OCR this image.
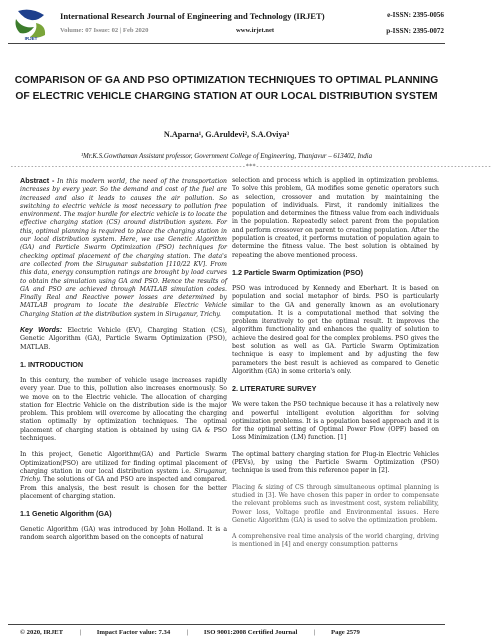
IRJET
International Research Journal of Engineering and Technology (IRJET)	e-ISSN: 2395-0056
Volume: 07 Issue: 02 | Feb 2020	www.irjet.net	p-ISSN: 2395-0072
COMPARISON OF GA AND PSO OPTIMIZATION TECHNIQUES TO OPTIMAL PLANNING OF ELECTRIC VEHICLE CHARGING STATION AT OUR LOCAL DISTRIBUTION SYSTEM
N.Aparna¹, G.Aruldevi², S.A.Oviya³
¹Mr.K.S.Gowthaman Assistant professor, Government College of Engineering, Thanjavur – 613402, India
---------------------------------------------------------------------***---------------------------------------------------------------------

Abstract - In this modern world, the need of the transportation increases by every year. So the demand and cost of the fuel are increased and also it leads to causes the air pollution. So switching to electric vehicle is most necessary to pollution free environment. The major hurdle for electric vehicle is to locate the effective charging station (CS) around distribution system. For this, optimal planning is required to place the charging station in our local distribution system. Here, we use Genetic Algorithm (GA) and Particle Swarm Optimization (PSO) techniques for checking optimal placement of the charging station. The data's are collected from the Sirugunar substation [110/22 KV]. From this data, energy consumption ratings are brought by load curves to obtain the simulation using GA and PSO. Hence the results of GA and PSO are achieved through MATLAB simulation codes. Finally Real and Reactive power losses are determined by MATLAB program to locate the desirable Electric Vehicle Charging Station at the distribution system in Siruganur, Trichy.

Key Words: Electric Vehicle (EV), Charging Station (CS), Genetic Algorithm (GA), Particle Swarm Optimization (PSO), MATLAB.

1. INTRODUCTION

In this century, the number of vehicle usage increases rapidly every year. Due to this, pollution also increases enormously. So we move on to the Electric vehicle. The allocation of charging station for Electric Vehicle on the distribution side is the major problem. This problem will overcome by allocating the charging station optimally by optimization techniques. The optimal placement of charging station is obtained by using GA & PSO techniques.

In this project, Genetic Algorithm(GA) and Particle Swarm Optimization(PSO) are utilized for finding optimal placement of charging station in our local distribution system i.e. Siruganur, Trichy. The solutions of GA and PSO are inspected and compared. From this analysis, the best result is chosen for the better placement of charging station.

1.1 Genetic Algorithm (GA)

Genetic Algorithm (GA) was introduced by John Holland. It is a random search algorithm based on the concepts of natural

selection and process which is applied in optimization problems. To solve this problem, GA modifies some genetic operators such as selection, crossover and mutation by maintaining the population of individuals. First, it randomly initializes the population and determines the fitness value from each individuals in the population. Repeatedly select parent from the population and perform crossover on parent to creating population. After the population is created, it performs mutation of population again to determine the fitness value. The best solution is obtained by repeating the above mentioned process.

1.2 Particle Swarm Optimization (PSO)

PSO was introduced by Kennedy and Eberhart. It is based on population and social metaphor of birds. PSO is particularly similar to the GA and generally known as an evolutionary computation. It is a computational method that solving the problem iteratively to get the optimal result. It improves the algorithm functionality and enhances the quality of solution to achieve the desired goal for the complex problems. PSO gives the best solution as well as GA. Particle Swarm Optimization technique is easy to implement and by adjusting the few parameters the best result is achieved as compared to Genetic Algorithm (GA) in some criteria's only.

2. LITERATURE SURVEY

We were taken the PSO technique because it has a relatively new and powerful intelligent evolution algorithm for solving optimization problems. It is a population based approach and it is for the optimal setting of Optimal Power Flow (OPF) based on Loss Minimization (LM) function. [1]

The optimal battery charging station for Plug-in Electric Vehicles (PEVs), by using the Particle Swarm Optimization (PSO) technique is used from this reference paper in [2].

Placing & sizing of CS through simultaneous optimal planning is studied in [3]. We have chosen this paper in order to compensate the relevant problems such as investment cost, system reliability, Power loss, Voltage profile and Environmental issues. Here Genetic Algorithm (GA) is used to solve the optimization problem.

A comprehensive real time analysis of the world charging, driving is mentioned in [4] and energy consumption patterns

© 2020, IRJET | Impact Factor value: 7.34 | ISO 9001:2008 Certified Journal | Page 2579
